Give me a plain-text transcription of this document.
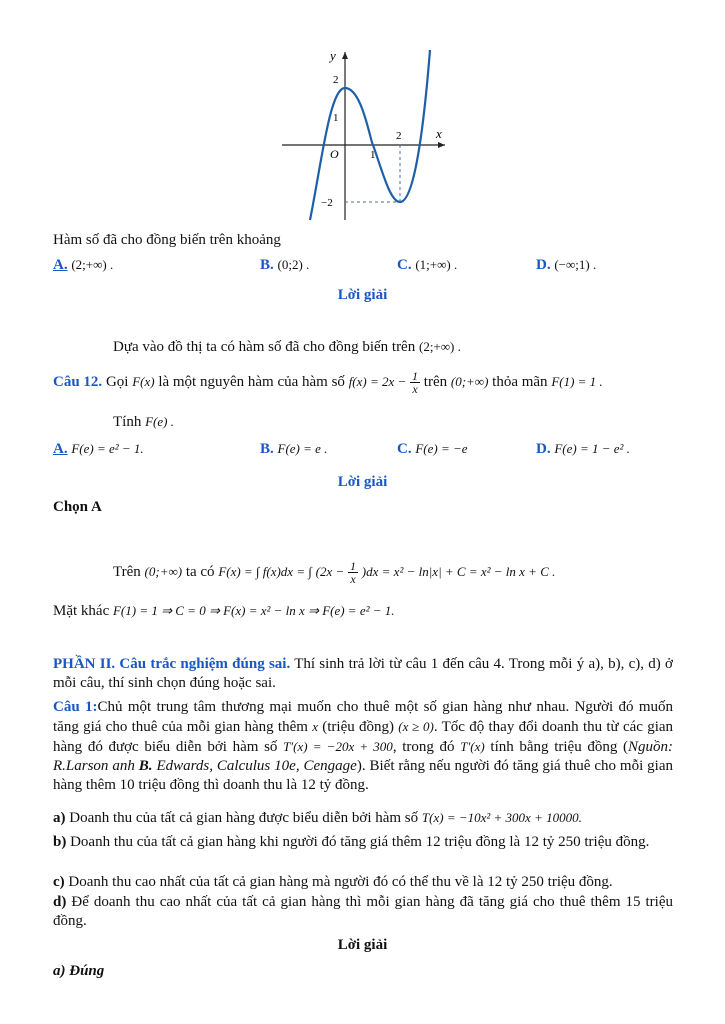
y
x
O
2
1
1
2
−2
Hàm số đã cho đồng biến trên khoảng
A. (2;+∞) .	B. (0;2) .	C. (1;+∞) .	D. (−∞;1) .
Lời giải
Dựa vào đồ thị ta có hàm số đã cho đồng biến trên (2;+∞) .
Câu 12. Gọi F(x) là một nguyên hàm của hàm số $f(x) = 2x - \frac{1}{x}$ trên (0;+∞) thỏa mãn F(1) = 1 .
Tính F(e) .
A. F(e) = e² − 1.	B. F(e) = e .	C. F(e) = −e	D. F(e) = 1 − e² .
Lời giải
Chọn A
Trên (0;+∞) ta có F(x) = ∫ f(x)dx = ∫ $(2x - \frac{1}{x} )dx = x^2 - \ln|x| + C = x^2 - \ln x + C$ .
Mặt khác F(1) = 1 ⇒ C = 0 ⇒ F(x) = x² − ln x ⇒ F(e) = e² − 1.
PHẦN II. Câu trắc nghiệm đúng sai. Thí sinh trả lời từ câu 1 đến câu 4. Trong mỗi ý a), b), c), d) ở mỗi câu, thí sinh chọn đúng hoặc sai.
Câu 1:Chủ một trung tâm thương mại muốn cho thuê một số gian hàng như nhau. Người đó muốn tăng giá cho thuê của mỗi gian hàng thêm x (triệu đồng) (x ≥ 0). Tốc độ thay đổi doanh thu từ các gian hàng đó được biểu diễn bởi hàm số T′(x) = −20x + 300, trong đó T′(x) tính bằng triệu đồng (Nguồn: R.Larson anh B. Edwards, Calculus 10e, Cengage). Biết rằng nếu người đó tăng giá thuê cho mỗi gian hàng thêm 10 triệu đồng thì doanh thu là 12 tỷ đồng.
a) Doanh thu của tất cả gian hàng được biểu diễn bởi hàm số T(x) = −10x² + 300x + 10000.
b) Doanh thu của tất cả gian hàng khi người đó tăng giá thêm 12 triệu đồng là 12 tỷ 250 triệu đồng.
c) Doanh thu cao nhất của tất cả gian hàng mà người đó có thể thu về là 12 tỷ 250 triệu đồng.
d) Để doanh thu cao nhất của tất cả gian hàng thì mỗi gian hàng đã tăng giá cho thuê thêm 15 triệu đồng.
Lời giải
a) Đúng
